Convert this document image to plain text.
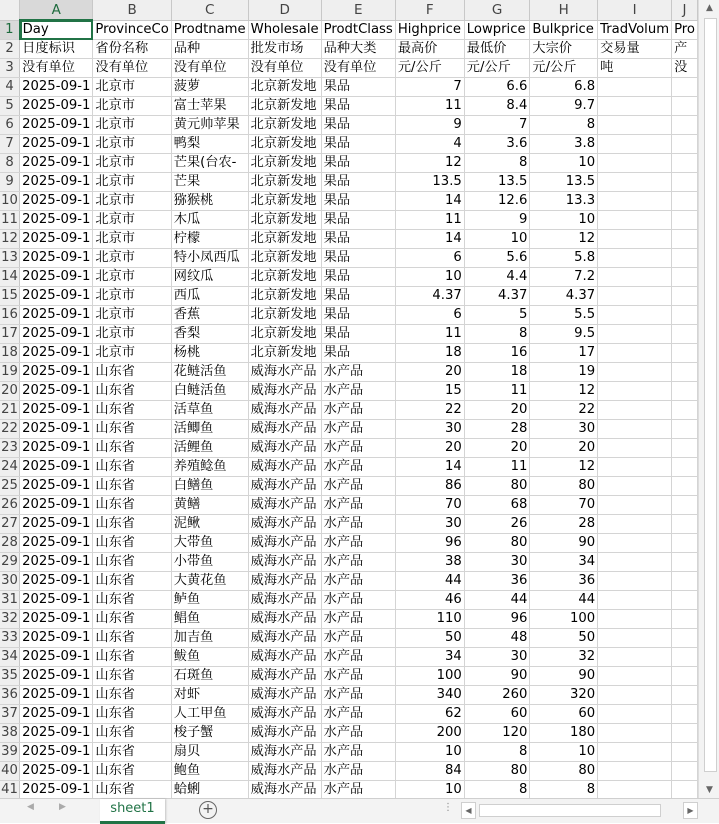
	A	B	C	D	E	F	G	H	I	J
1	Day	ProvinceCo	Prodtname	Wholesale	ProdtClass	Highprice	Lowprice	Bulkprice	TradVolum	Pro
2	日度标识	省份名称	品种	批发市场	品种大类	最高价	最低价	大宗价	交易量	产
3	没有单位	没有单位	没有单位	没有单位	没有单位	元/公斤	元/公斤	元/公斤	吨	没
4	2025-09-1	北京市	菠萝	北京新发地	果品	7	6.6	6.8		
5	2025-09-1	北京市	富士苹果	北京新发地	果品	11	8.4	9.7		
6	2025-09-1	北京市	黄元帅苹果	北京新发地	果品	9	7	8		
7	2025-09-1	北京市	鸭梨	北京新发地	果品	4	3.6	3.8		
8	2025-09-1	北京市	芒果(台农-	北京新发地	果品	12	8	10		
9	2025-09-1	北京市	芒果	北京新发地	果品	13.5	13.5	13.5		
10	2025-09-1	北京市	猕猴桃	北京新发地	果品	14	12.6	13.3		
11	2025-09-1	北京市	木瓜	北京新发地	果品	11	9	10		
12	2025-09-1	北京市	柠檬	北京新发地	果品	14	10	12		
13	2025-09-1	北京市	特小凤西瓜	北京新发地	果品	6	5.6	5.8		
14	2025-09-1	北京市	网纹瓜	北京新发地	果品	10	4.4	7.2		
15	2025-09-1	北京市	西瓜	北京新发地	果品	4.37	4.37	4.37		
16	2025-09-1	北京市	香蕉	北京新发地	果品	6	5	5.5		
17	2025-09-1	北京市	香梨	北京新发地	果品	11	8	9.5		
18	2025-09-1	北京市	杨桃	北京新发地	果品	18	16	17		
19	2025-09-1	山东省	花鲢活鱼	威海水产品	水产品	20	18	19		
20	2025-09-1	山东省	白鲢活鱼	威海水产品	水产品	15	11	12		
21	2025-09-1	山东省	活草鱼	威海水产品	水产品	22	20	22		
22	2025-09-1	山东省	活鲫鱼	威海水产品	水产品	30	28	30		
23	2025-09-1	山东省	活鲤鱼	威海水产品	水产品	20	20	20		
24	2025-09-1	山东省	养殖鲶鱼	威海水产品	水产品	14	11	12		
25	2025-09-1	山东省	白鳝鱼	威海水产品	水产品	86	80	80		
26	2025-09-1	山东省	黄鳝	威海水产品	水产品	70	68	70		
27	2025-09-1	山东省	泥鳅	威海水产品	水产品	30	26	28		
28	2025-09-1	山东省	大带鱼	威海水产品	水产品	96	80	90		
29	2025-09-1	山东省	小带鱼	威海水产品	水产品	38	30	34		
30	2025-09-1	山东省	大黄花鱼	威海水产品	水产品	44	36	36		
31	2025-09-1	山东省	鲈鱼	威海水产品	水产品	46	44	44		
32	2025-09-1	山东省	鲳鱼	威海水产品	水产品	110	96	100		
33	2025-09-1	山东省	加吉鱼	威海水产品	水产品	50	48	50		
34	2025-09-1	山东省	鲅鱼	威海水产品	水产品	34	30	32		
35	2025-09-1	山东省	石斑鱼	威海水产品	水产品	100	90	90		
36	2025-09-1	山东省	对虾	威海水产品	水产品	340	260	320		
37	2025-09-1	山东省	人工甲鱼	威海水产品	水产品	62	60	60		
38	2025-09-1	山东省	梭子蟹	威海水产品	水产品	200	120	180		
39	2025-09-1	山东省	扇贝	威海水产品	水产品	10	8	10		
40	2025-09-1	山东省	鲍鱼	威海水产品	水产品	84	80	80		
41	2025-09-1	山东省	蛤蜊	威海水产品	水产品	10	8	8		
▲
▼
◀	▶	sheet1	+	⋮	◀	▶
